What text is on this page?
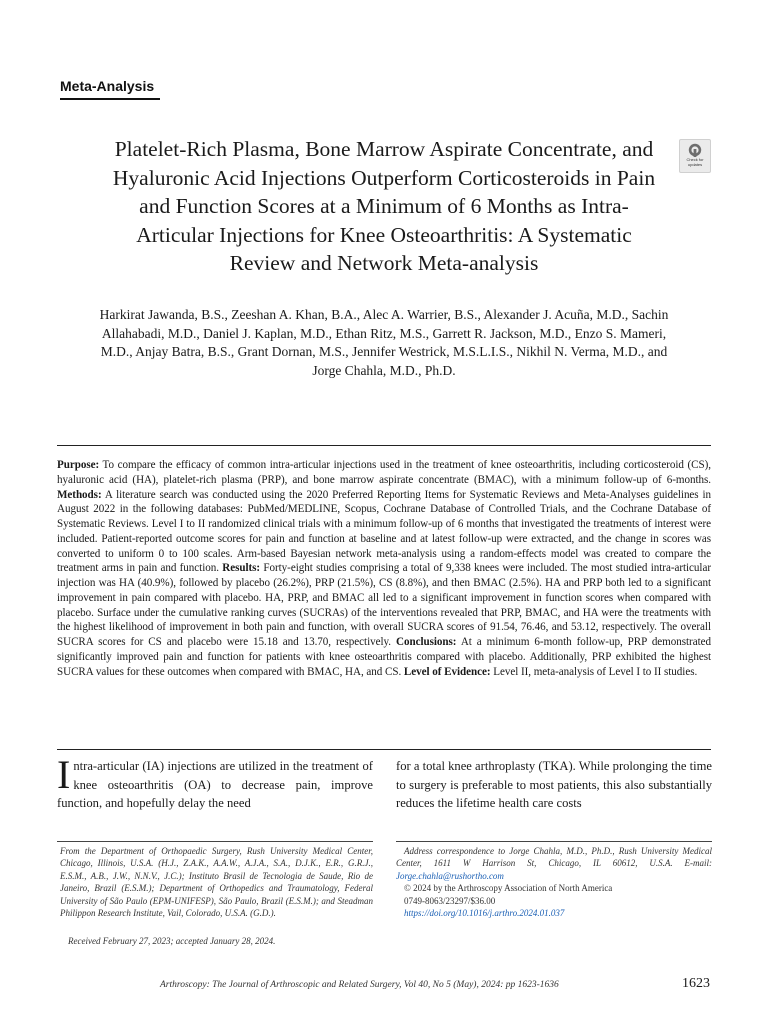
Meta-Analysis
Platelet-Rich Plasma, Bone Marrow Aspirate Concentrate, and Hyaluronic Acid Injections Outperform Corticosteroids in Pain and Function Scores at a Minimum of 6 Months as Intra-Articular Injections for Knee Osteoarthritis: A Systematic Review and Network Meta-analysis
Check for updates

Harkirat Jawanda, B.S., Zeeshan A. Khan, B.A., Alec A. Warrier, B.S., Alexander J. Acuña, M.D., Sachin Allahabadi, M.D., Daniel J. Kaplan, M.D., Ethan Ritz, M.S., Garrett R. Jackson, M.D., Enzo S. Mameri, M.D., Anjay Batra, B.S., Grant Dornan, M.S., Jennifer Westrick, M.S.L.I.S., Nikhil N. Verma, M.D., and Jorge Chahla, M.D., Ph.D.

Purpose: To compare the efficacy of common intra-articular injections used in the treatment of knee osteoarthritis, including corticosteroid (CS), hyaluronic acid (HA), platelet-rich plasma (PRP), and bone marrow aspirate concentrate (BMAC), with a minimum follow-up of 6-months. Methods: A literature search was conducted using the 2020 Preferred Reporting Items for Systematic Reviews and Meta-Analyses guidelines in August 2022 in the following databases: PubMed/MEDLINE, Scopus, Cochrane Database of Controlled Trials, and the Cochrane Database of Systematic Reviews. Level I to II randomized clinical trials with a minimum follow-up of 6 months that investigated the treatments of interest were included. Patient-reported outcome scores for pain and function at baseline and at latest follow-up were extracted, and the change in scores was converted to uniform 0 to 100 scales. Arm-based Bayesian network meta-analysis using a random-effects model was created to compare the treatment arms in pain and function. Results: Forty-eight studies comprising a total of 9,338 knees were included. The most studied intra-articular injection was HA (40.9%), followed by placebo (26.2%), PRP (21.5%), CS (8.8%), and then BMAC (2.5%). HA and PRP both led to a significant improvement in pain compared with placebo. HA, PRP, and BMAC all led to a significant improvement in function scores when compared with placebo. Surface under the cumulative ranking curves (SUCRAs) of the interventions revealed that PRP, BMAC, and HA were the treatments with the highest likelihood of improvement in both pain and function, with overall SUCRA scores of 91.54, 76.46, and 53.12, respectively. The overall SUCRA scores for CS and placebo were 15.18 and 13.70, respectively. Conclusions: At a minimum 6-month follow-up, PRP demonstrated significantly improved pain and function for patients with knee osteoarthritis compared with placebo. Additionally, PRP exhibited the highest SUCRA values for these outcomes when compared with BMAC, HA, and CS. Level of Evidence: Level II, meta-analysis of Level I to II studies.

Intra-articular (IA) injections are utilized in the treatment of knee osteoarthritis (OA) to decrease pain, improve function, and hopefully delay the need

for a total knee arthroplasty (TKA). While prolonging the time to surgery is preferable to most patients, this also substantially reduces the lifetime health care costs

From the Department of Orthopaedic Surgery, Rush University Medical Center, Chicago, Illinois, U.S.A. (H.J., Z.A.K., A.A.W., A.J.A., S.A., D.J.K., E.R., G.R.J., E.S.M., A.B., J.W., N.N.V., J.C.); Instituto Brasil de Tecnologia de Saude, Rio de Janeiro, Brazil (E.S.M.); Department of Orthopedics and Traumatology, Federal University of São Paulo (EPM-UNIFESP), São Paulo, Brazil (E.S.M.); and Steadman Philippon Research Institute, Vail, Colorado, U.S.A. (G.D.).

Received February 27, 2023; accepted January 28, 2024.

Address correspondence to Jorge Chahla, M.D., Ph.D., Rush University Medical Center, 1611 W Harrison St, Chicago, IL 60612, U.S.A. E-mail: Jorge.chahla@rushortho.com

© 2024 by the Arthroscopy Association of North America

0749-8063/23297/$36.00

https://doi.org/10.1016/j.arthro.2024.01.037

Arthroscopy: The Journal of Arthroscopic and Related Surgery, Vol 40, No 5 (May), 2024: pp 1623-1636	1623
